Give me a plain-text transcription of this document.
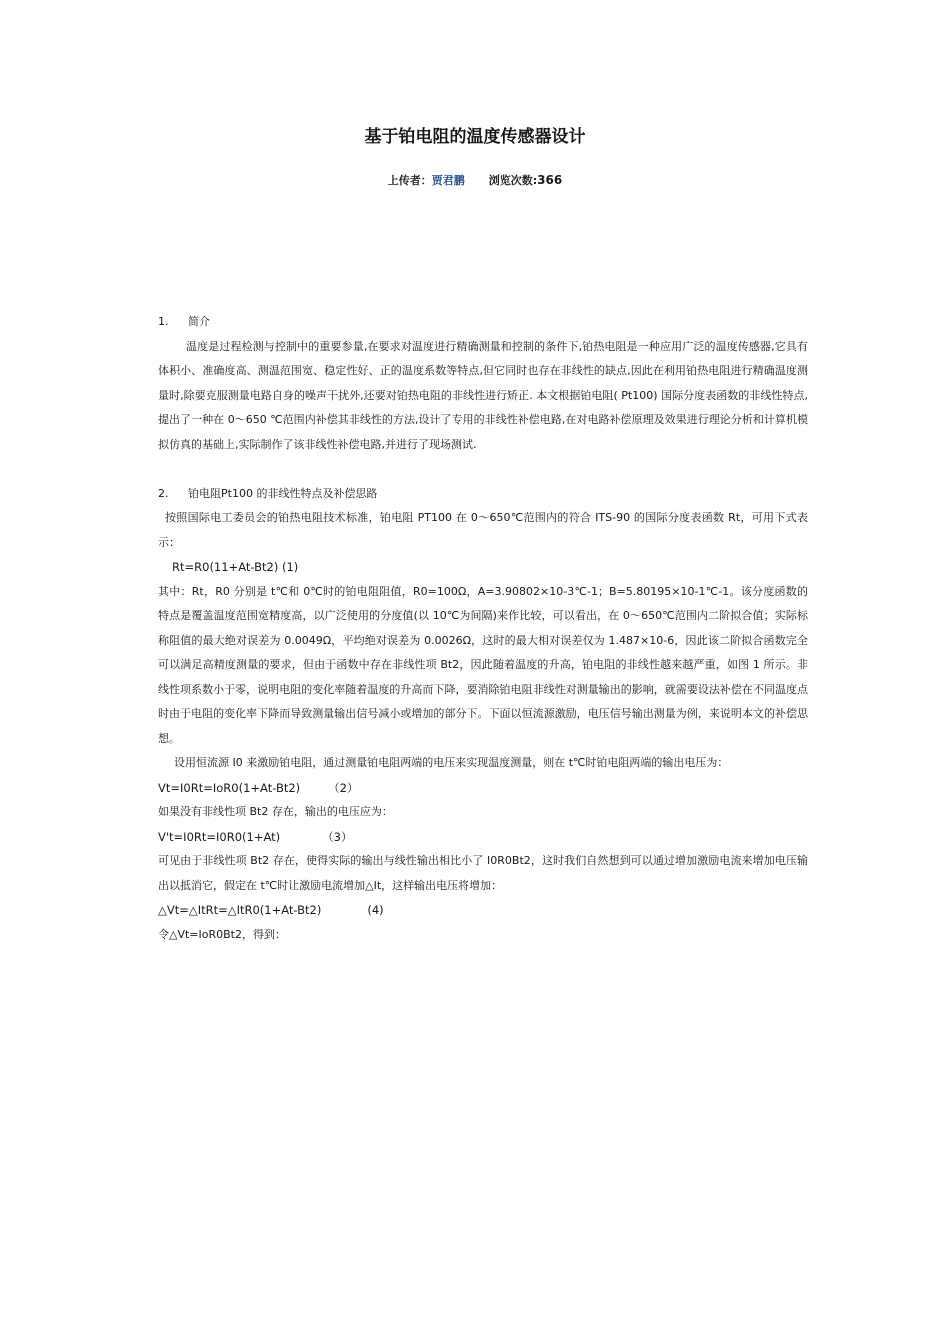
基于铂电阻的温度传感器设计
上传者：贾君鹏 浏览次数:366

1. 简介

温度是过程检测与控制中的重要参量,在要求对温度进行精确测量和控制的条件下,铂热电阻是一种应用广泛的温度传感器,它具有体积小、准确度高、测温范围宽、稳定性好、正的温度系数等特点,但它同时也存在非线性的缺点,因此在利用铂热电阻进行精确温度测量时,除要克服测量电路自身的噪声干扰外,还要对铂热电阻的非线性进行矫正. 本文根据铂电阻( Pt100) 国际分度表函数的非线性特点,提出了一种在 0～650 ℃范围内补偿其非线性的方法,设计了专用的非线性补偿电路,在对电路补偿原理及效果进行理论分析和计算机模拟仿真的基础上,实际制作了该非线性补偿电路,并进行了现场测试.

2. 铂电阻Pt100 的非线性特点及补偿思路

按照国际电工委员会的铂热电阻技术标准，铂电阻 PT100 在 0～650℃范围内的符合 ITS-90 的国际分度表函数 Rt，可用下式表示：

Rt=R0(11+At-Bt2) (1)

其中：Rt，R0 分别是 t℃和 0℃时的铂电阻阻值，R0=100Ω，A=3.90802×10-3℃-1；B=5.80195×10-1℃-1。该分度函数的特点是覆盖温度范围宽精度高，以广泛使用的分度值(以 10℃为间隔)来作比较，可以看出，在 0～650℃范围内二阶拟合值；实际标称阻值的最大绝对误差为 0.0049Ω，平均绝对误差为 0.0026Ω，这时的最大相对误差仅为 1.487×10-6，因此该二阶拟合函数完全可以满足高精度测量的要求，但由于函数中存在非线性项 Bt2，因此随着温度的升高，铂电阻的非线性越来越严重，如图 1 所示。非线性项系数小于零，说明电阻的变化率随着温度的升高而下降，要消除铂电阻非线性对测量输出的影响，就需要设法补偿在不同温度点时由于电阻的变化率下降而导致测量输出信号减小或增加的部分下。下面以恒流源激励，电压信号输出测量为例，来说明本文的补偿思想。

设用恒流源 I0 来激励铂电阻，通过测量铂电阻两端的电压来实现温度测量，则在 t℃时铂电阻两端的输出电压为：

Vt=I0Rt=IoR0(1+At-Bt2) （2）

如果没有非线性项 Bt2 存在，输出的电压应为：

V't=I0Rt=I0R0(1+At)	（3）

可见由于非线性项 Bt2 存在，使得实际的输出与线性输出相比小了 I0R0Bt2，这时我们自然想到可以通过增加激励电流来增加电压输出以抵消它，假定在 t℃时让激励电流增加△It，这样输出电压将增加：

△Vt=△ItRt=△ItR0(1+At-Bt2)	(4)

令△Vt=IoR0Bt2，得到：
